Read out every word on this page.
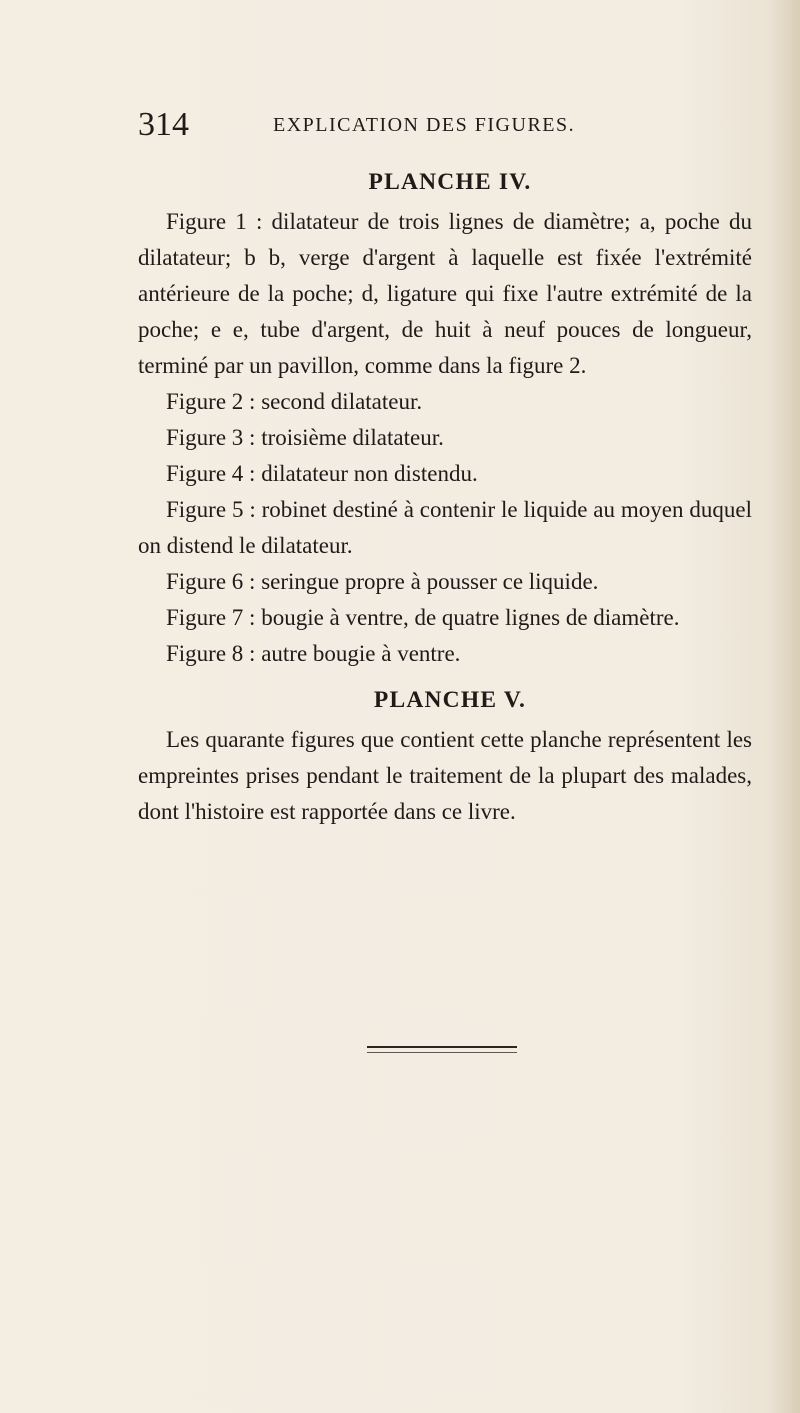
314	EXPLICATION DES FIGURES.
PLANCHE IV.

Figure 1 : dilatateur de trois lignes de diamètre; a, poche du dilatateur; b b, verge d'argent à laquelle est fixée l'extrémité antérieure de la poche; d, ligature qui fixe l'autre extrémité de la poche; e e, tube d'argent, de huit à neuf pouces de longueur, terminé par un pavillon, comme dans la figure 2.

Figure 2 : second dilatateur.

Figure 3 : troisième dilatateur.

Figure 4 : dilatateur non distendu.

Figure 5 : robinet destiné à contenir le liquide au moyen duquel on distend le dilatateur.

Figure 6 : seringue propre à pousser ce liquide.

Figure 7 : bougie à ventre, de quatre lignes de diamètre.

Figure 8 : autre bougie à ventre.

PLANCHE V.

Les quarante figures que contient cette planche représentent les empreintes prises pendant le traitement de la plupart des malades, dont l'histoire est rapportée dans ce livre.
